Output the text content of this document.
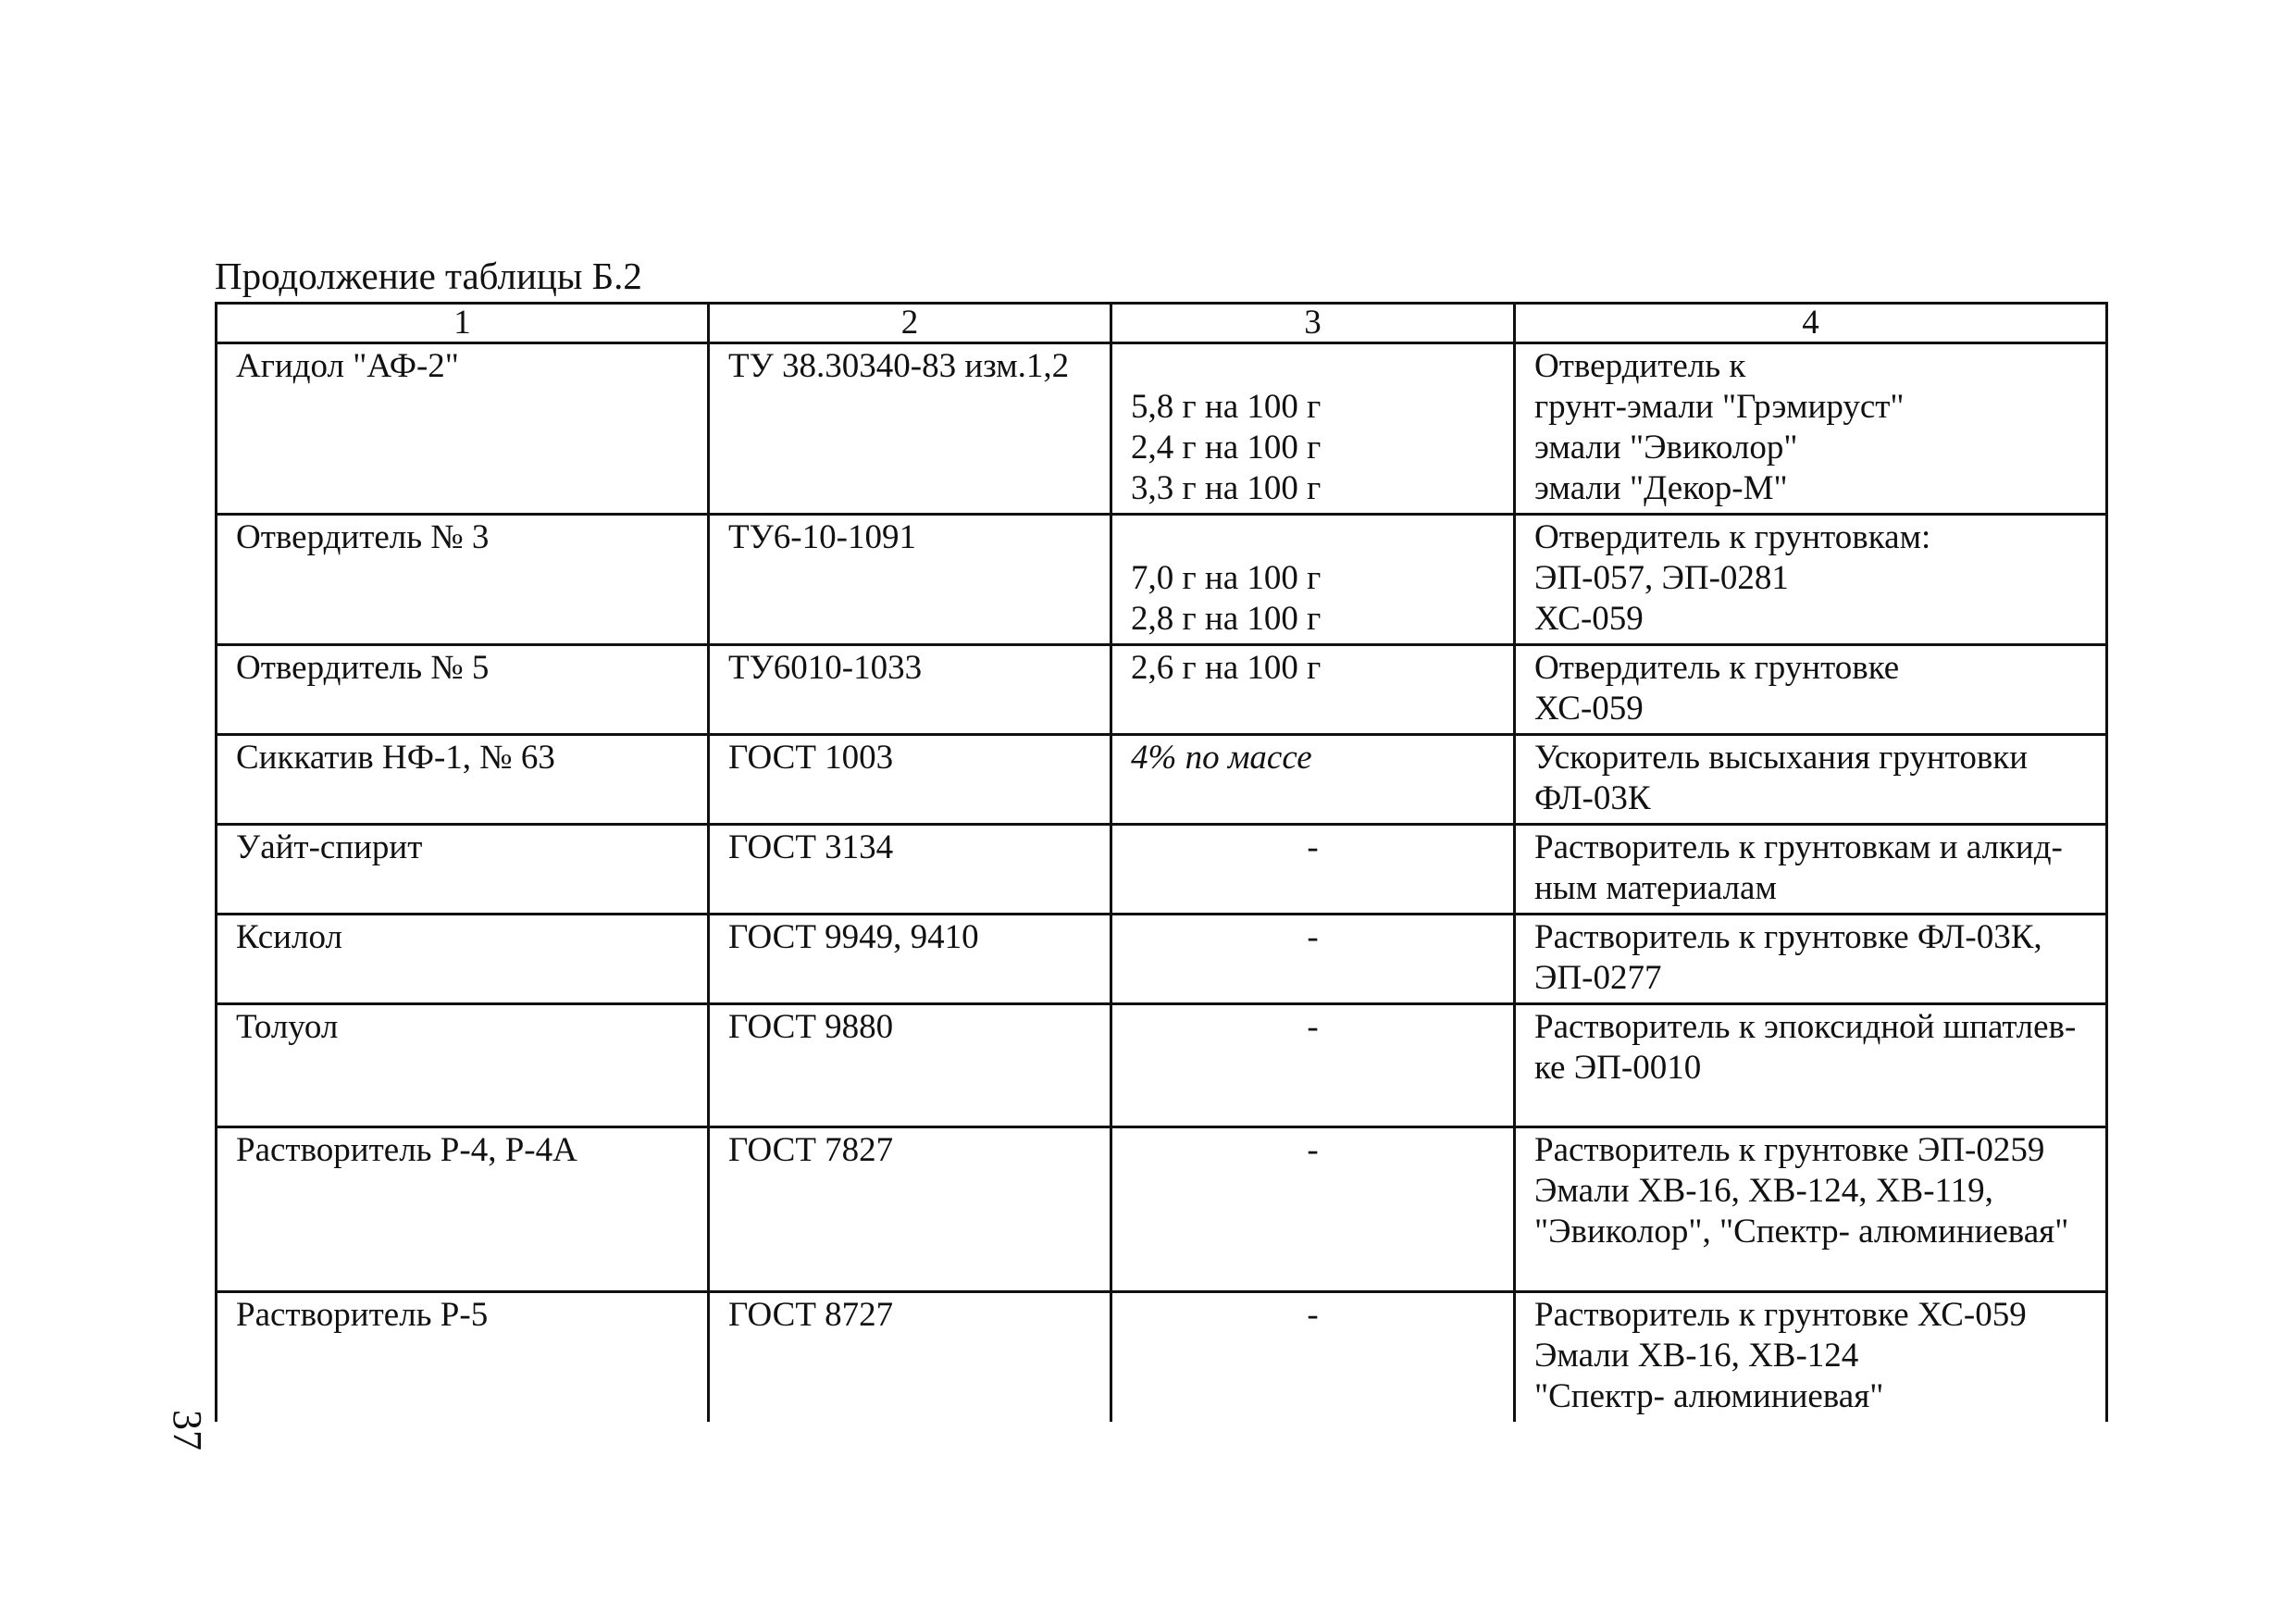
Продолжение таблицы Б.2
1	2	3	4

Агидол "АФ-2"	ТУ 38.30340-83 изм.1,2	5,8 г на 100 г
2,4 г на 100 г
3,3 г на 100 г	Отвердитель к
грунт-эмали "Грэмируст"
эмали "Эвиколор"
эмали "Декор-М"

Отвердитель № 3	ТУ6-10-1091	7,0 г на 100 г
2,8 г на 100 г	Отвердитель к грунтовкам:
ЭП-057, ЭП-0281
ХС-059

Отвердитель № 5	ТУ6010-1033	2,6 г на 100 г	Отвердитель к грунтовке
ХС-059

Сиккатив НФ-1, № 63	ГОСТ 1003	4% по массе	Ускоритель высыхания грунтовки
ФЛ-03К

Уайт-спирит	ГОСТ 3134	-	Растворитель к грунтовкам и алкид-
ным материалам

Ксилол	ГОСТ 9949, 9410	-	Растворитель к грунтовке ФЛ-03К,
ЭП-0277

Толуол	ГОСТ 9880	-	Растворитель к эпоксидной шпатлев-
ке ЭП-0010

Растворитель Р-4, Р-4А	ГОСТ 7827	-	Растворитель к грунтовке ЭП-0259
Эмали ХВ-16, ХВ-124, ХВ-119,
"Эвиколор", "Спектр- алюминиевая"

Растворитель Р-5	ГОСТ 8727	-	Растворитель к грунтовке ХС-059
Эмали ХВ-16, ХВ-124
"Спектр- алюминиевая"
37
